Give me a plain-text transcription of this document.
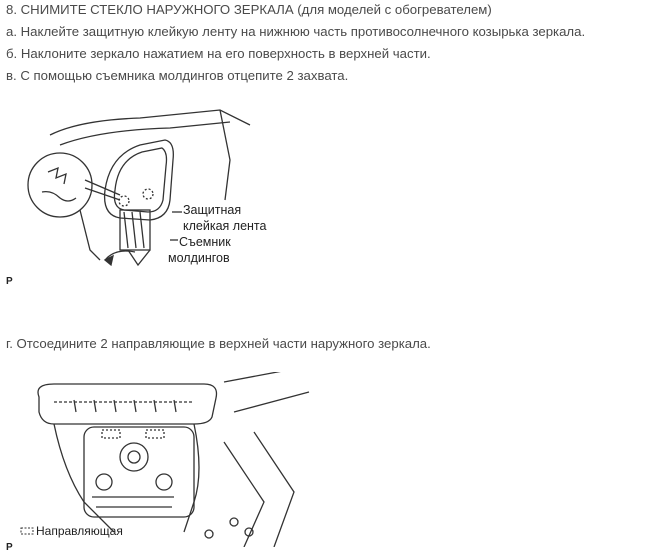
8. СНИМИТЕ СТЕКЛО НАРУЖНОГО ЗЕРКАЛА (для моделей с обогревателем)
а. Наклейте защитную клейкую ленту на нижнюю часть противосолнечного козырька зеркала.
б. Наклоните зеркало нажатием на его поверхность в верхней части.
в. С помощью съемника молдингов отцепите 2 захвата.
Защитная
клейкая лента
Съемник
молдингов
P
г. Отсоедините 2 направляющие в верхней части наружного зеркала.
Направляющая
P
